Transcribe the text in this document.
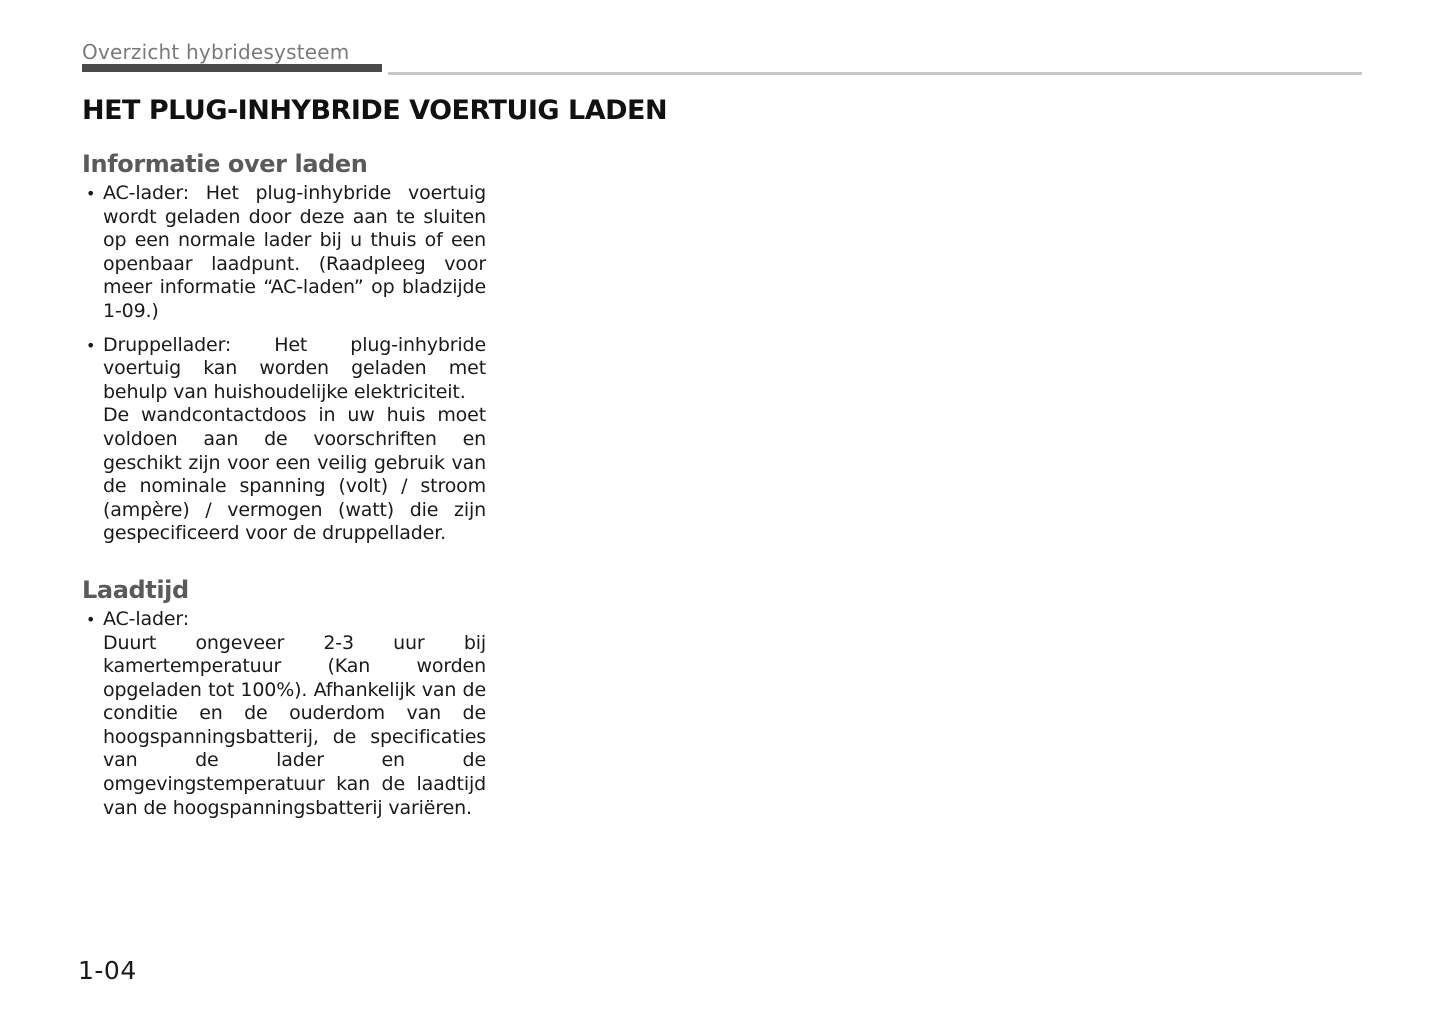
Overzicht hybridesysteem
HET PLUG-INHYBRIDE VOERTUIG LADEN
Informatie over laden
• AC-lader: Het plug-inhybride voertuig wordt geladen door deze aan te sluiten op een normale lader bij u thuis of een openbaar laadpunt. (Raadpleeg voor meer informatie “AC-laden” op bladzijde 1-09.)
• Druppellader: Het plug-inhybride voertuig kan worden geladen met behulp van huishoudelijke elektriciteit.
De wandcontactdoos in uw huis moet voldoen aan de voorschriften en geschikt zijn voor een veilig gebruik van de nominale spanning (volt) / stroom (ampère) / vermogen (watt) die zijn gespecificeerd voor de druppellader.
Laadtijd
• AC-lader:
Duurt ongeveer 2-3 uur bij kamertemperatuur (Kan worden opgeladen tot 100%). Afhankelijk van de conditie en de ouderdom van de hoogspanningsbatterij, de specificaties van de lader en de omgevingstemperatuur kan de laadtijd van de hoogspanningsbatterij variëren.
1-04
